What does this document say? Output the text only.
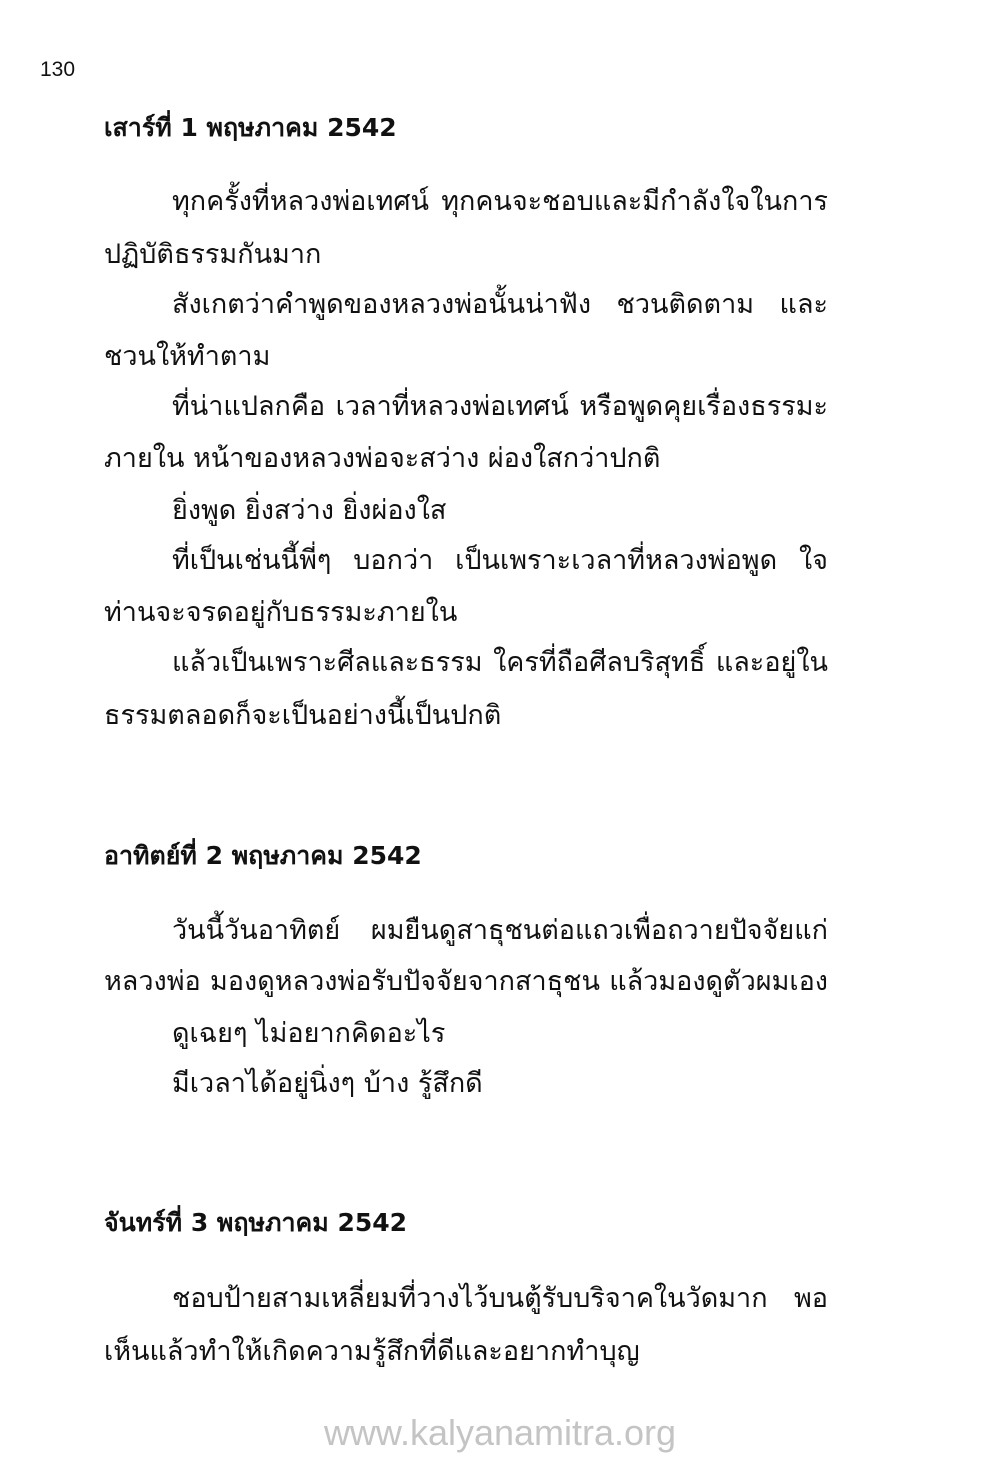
130
เสาร์ที่ 1 พฤษภาคม 2542
ทุกครั้งที่หลวงพ่อเทศน์ ทุกคนจะชอบและมีกำลังใจในการ
ปฏิบัติธรรมกันมาก
สังเกตว่าคำพูดของหลวงพ่อนั้นน่าฟัง ชวนติดตาม และ
ชวนให้ทำตาม
ที่น่าแปลกคือ เวลาที่หลวงพ่อเทศน์ หรือพูดคุยเรื่องธรรมะ
ภายใน หน้าของหลวงพ่อจะสว่าง ผ่องใสกว่าปกติ
ยิ่งพูด ยิ่งสว่าง ยิ่งผ่องใส
ที่เป็นเช่นนี้พี่ๆ บอกว่า เป็นเพราะเวลาที่หลวงพ่อพูด ใจ
ท่านจะจรดอยู่กับธรรมะภายใน
แล้วเป็นเพราะศีลและธรรม ใครที่ถือศีลบริสุทธิ์ และอยู่ใน
ธรรมตลอดก็จะเป็นอย่างนี้เป็นปกติ
อาทิตย์ที่ 2 พฤษภาคม 2542
วันนี้วันอาทิตย์ ผมยืนดูสาธุชนต่อแถวเพื่อถวายปัจจัยแก่
หลวงพ่อ มองดูหลวงพ่อรับปัจจัยจากสาธุชน แล้วมองดูตัวผมเอง
ดูเฉยๆ ไม่อยากคิดอะไร
มีเวลาได้อยู่นิ่งๆ บ้าง รู้สึกดี
จันทร์ที่ 3 พฤษภาคม 2542
ชอบป้ายสามเหลี่ยมที่วางไว้บนตู้รับบริจาคในวัดมาก พอ
เห็นแล้วทำให้เกิดความรู้สึกที่ดีและอยากทำบุญ
www.kalyanamitra.org
